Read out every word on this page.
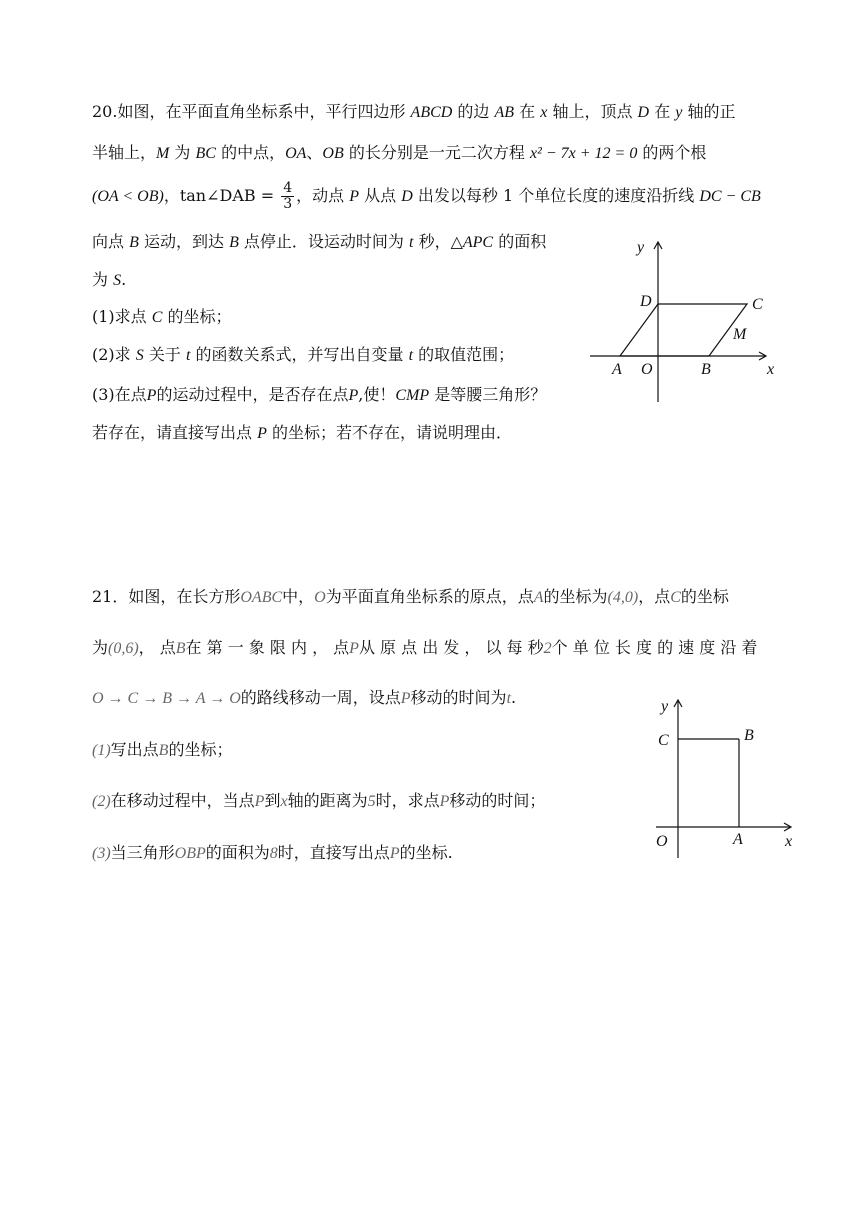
20.如图，在平面直角坐标系中，平行四边形 ABCD 的边 AB 在 x 轴上，顶点 D 在 y 轴的正
半轴上，M 为 BC 的中点，OA、OB 的长分别是一元二次方程 x² − 7x + 12 = 0 的两个根
(OA < OB)，tan∠DAB = $\frac{4}{3}$ ，动点 P 从点 D 出发以每秒 1 个单位长度的速度沿折线 DC − CB
向点 B 运动，到达 B 点停止．设运动时间为 t 秒，△APC 的面积
为 S.
(1)求点 C 的坐标；
(2)求 S 关于 t 的函数关系式，并写出自变量 t 的取值范围；
(3)在点P的运动过程中，是否存在点P,使！CMP 是等腰三角形？
若存在，请直接写出点 P 的坐标；若不存在，请说明理由．
y
D	C
M
A O	B	x
21．如图，在长方形OABC中，O为平面直角坐标系的原点，点A的坐标为(4,0)，点C的坐标
为(0,6)， 点B在 第 一 象 限 内 ， 点P从 原 点 出 发 ， 以 每 秒2个 单 位 长 度 的 速 度 沿 着
O → C → B → A → O的路线移动一周，设点P移动的时间为t.
(1)写出点B的坐标；
(2)在移动过程中，当点P到x轴的距离为5时，求点P移动的时间；
(3)当三角形OBP的面积为8时，直接写出点P的坐标.
y
C	B
O	A	x
